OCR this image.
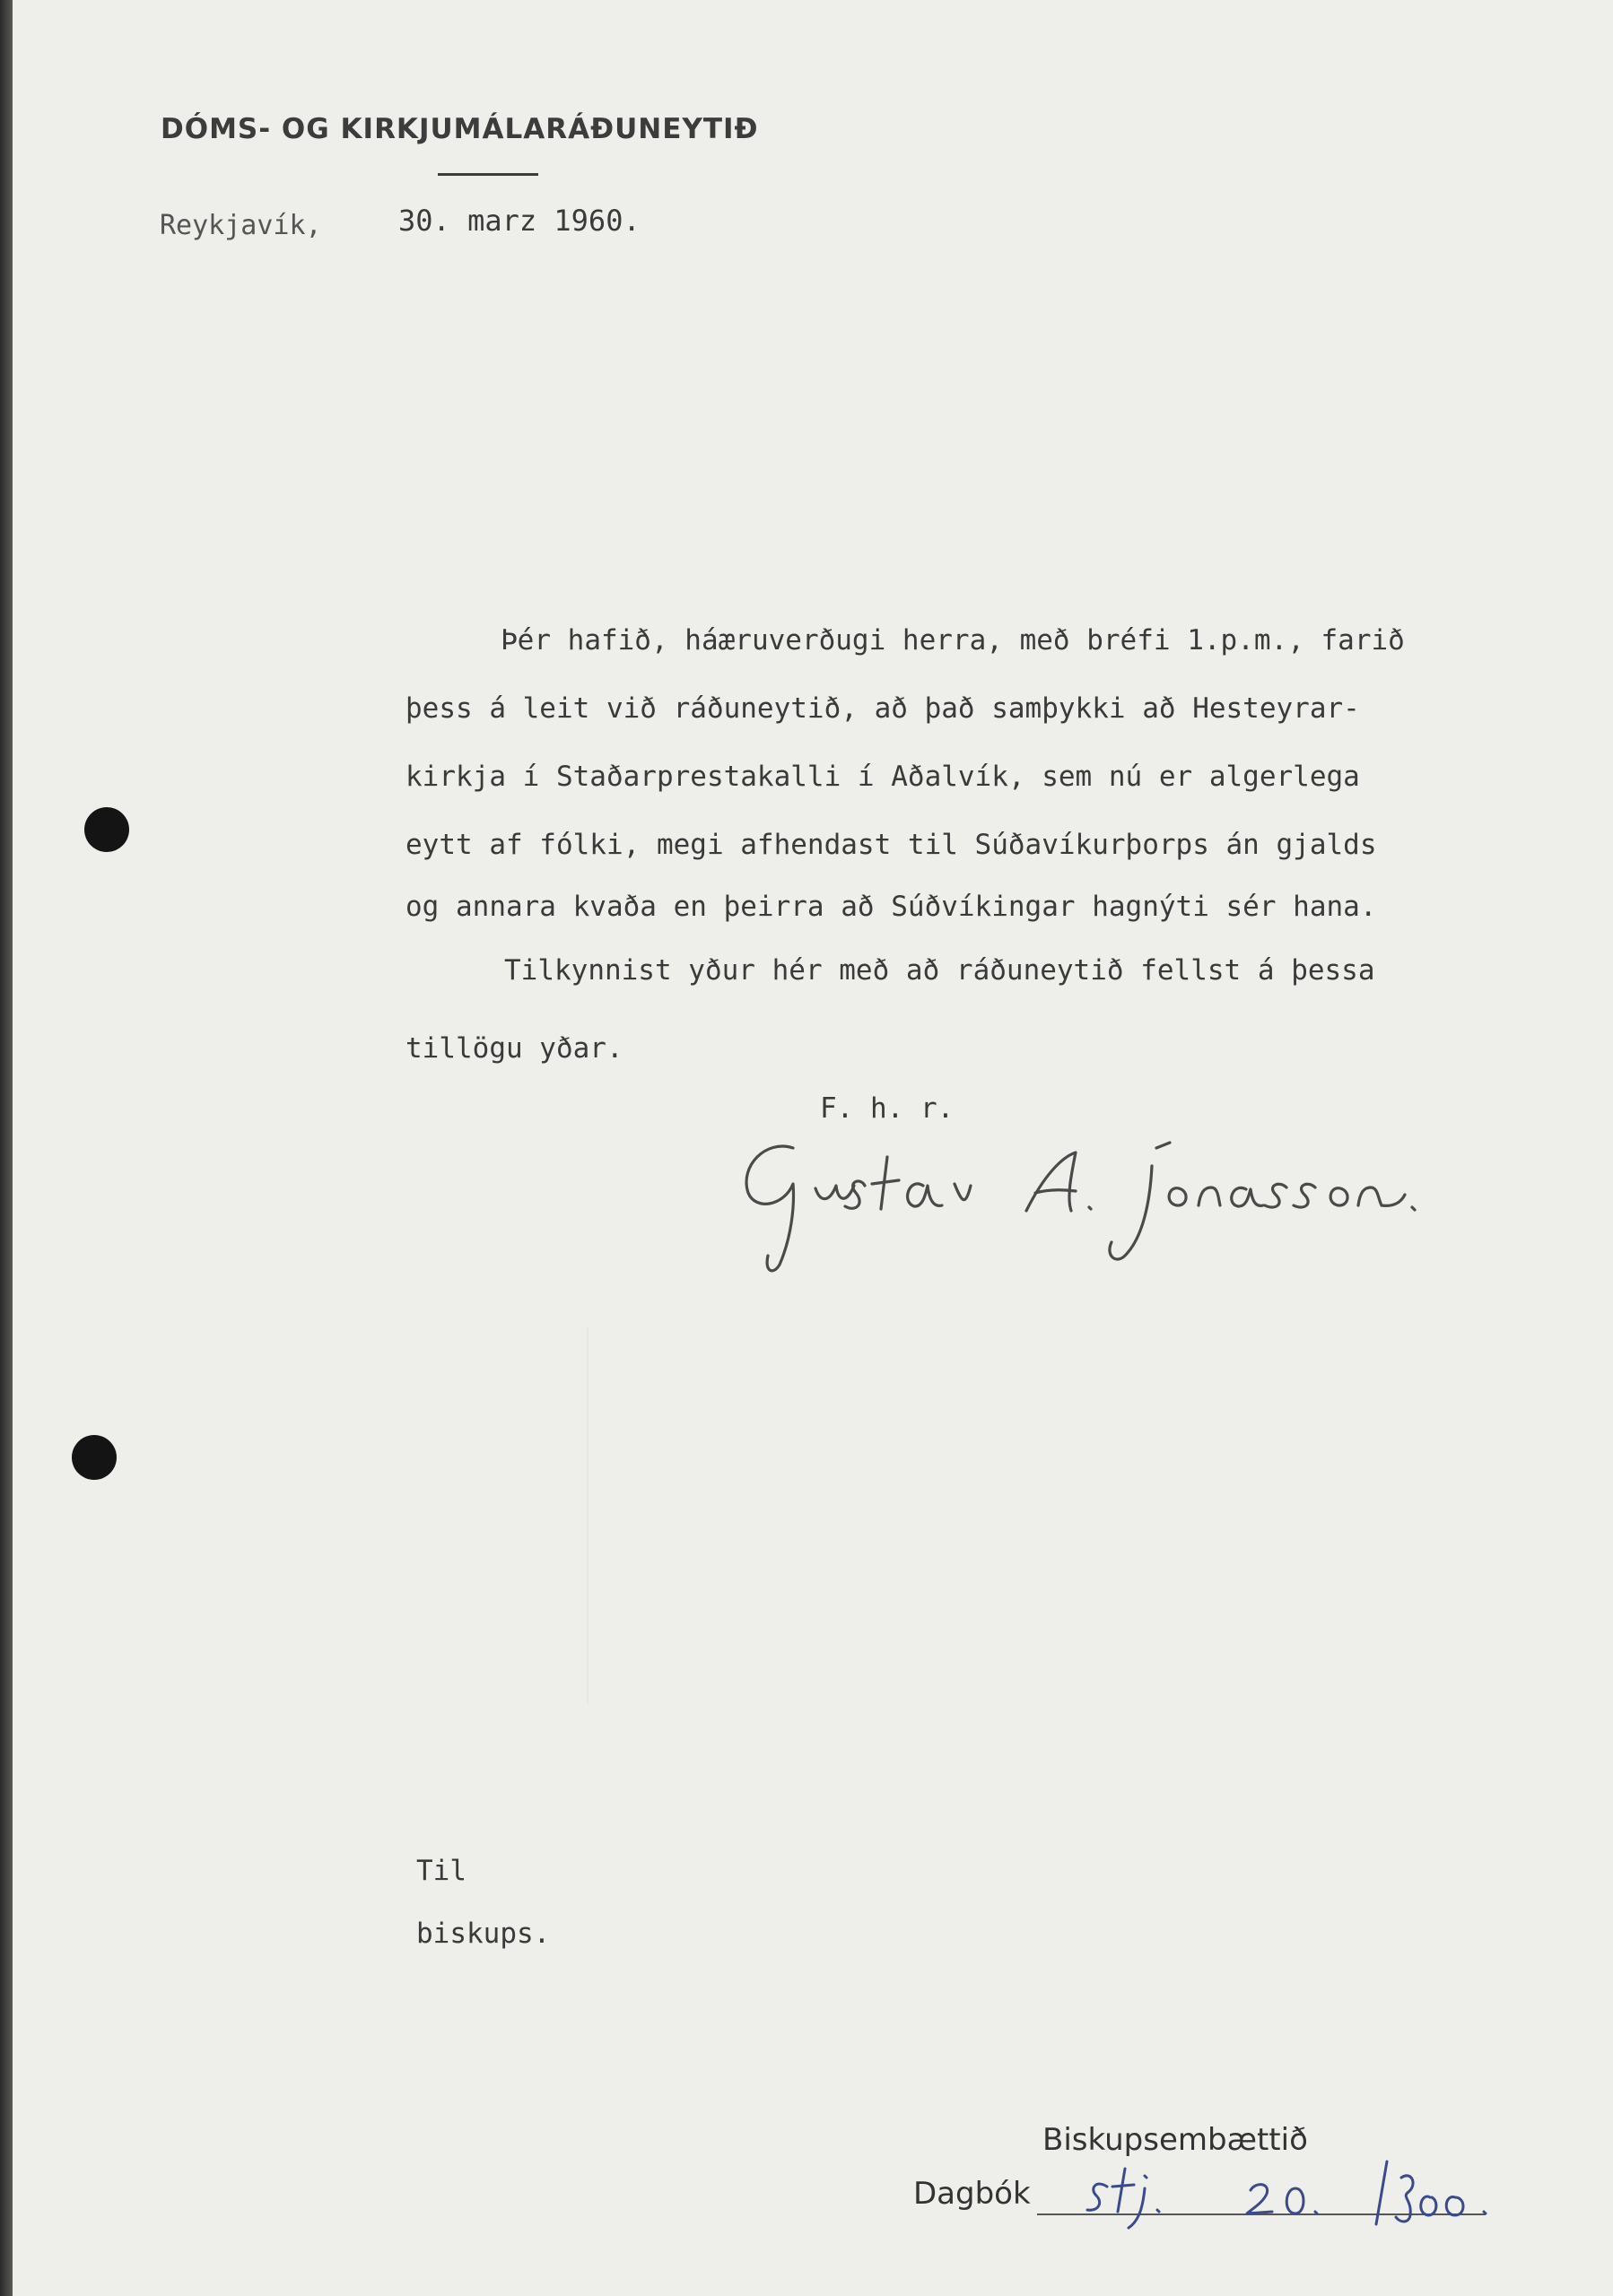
DÓMS- OG KIRKJUMÁLARÁÐUNEYTIÐ
Reykjavík,	30. marz 1960.
Þér hafið, háæruverðugi herra, með bréfi 1.p.m., farið
þess á leit við ráðuneytið, að það samþykki að Hesteyrar-
kirkja í Staðarprestakalli í Aðalvík, sem nú er algerlega
eytt af fólki, megi afhendast til Súðavíkurþorps án gjalds
og annara kvaða en þeirra að Súðvíkingar hagnýti sér hana.
Tilkynnist yður hér með að ráðuneytið fellst á þessa
tillögu yðar.
F. h. r.
Til
biskups.
Biskupsembættið
Dagbók
